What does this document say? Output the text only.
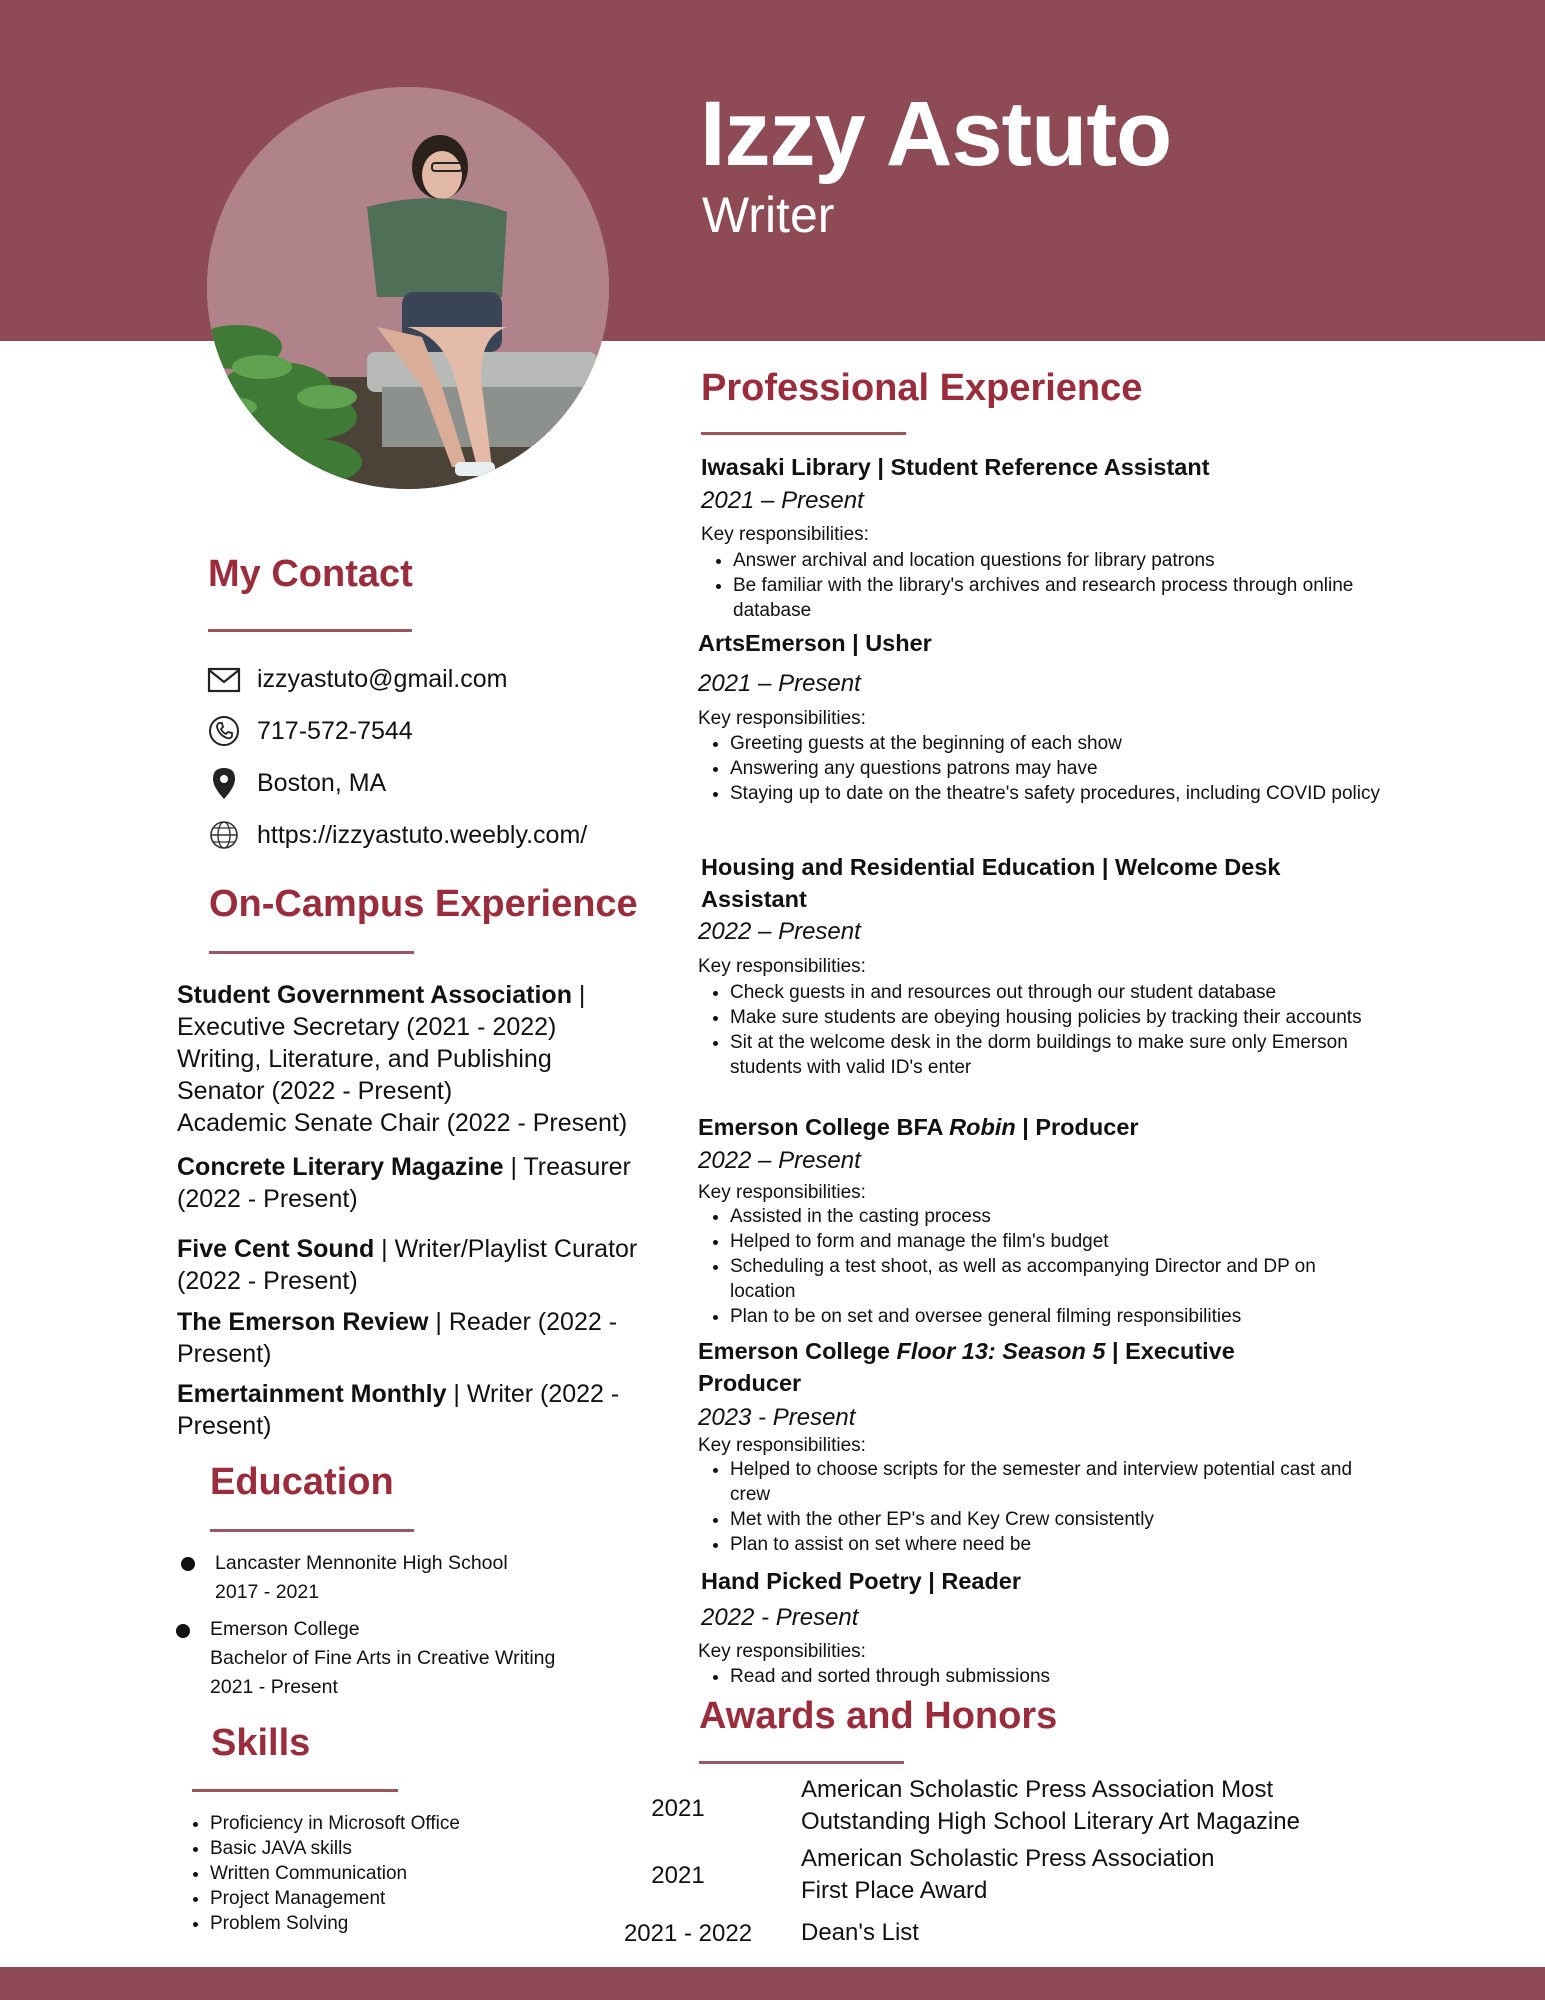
Izzy Astuto
Writer
My Contact
izzyastuto@gmail.com
717-572-7544
Boston, MA
https://izzyastuto.weebly.com/
On-Campus Experience
Student Government Association |
Executive Secretary (2021 - 2022)
Writing, Literature, and Publishing
Senator (2022 - Present)
Academic Senate Chair (2022 - Present)
Concrete Literary Magazine | Treasurer (2022 - Present)
Five Cent Sound | Writer/Playlist Curator (2022 - Present)
The Emerson Review | Reader (2022 - Present)
Emertainment Monthly | Writer (2022 - Present)
Education
Lancaster Mennonite High School
2017 - 2021
Emerson College
Bachelor of Fine Arts in Creative Writing
2021 - Present
Skills
• Proficiency in Microsoft Office
• Basic JAVA skills
• Written Communication
• Project Management
• Problem Solving
Professional Experience
Iwasaki Library | Student Reference Assistant
2021 – Present
Key responsibilities:
• Answer archival and location questions for library patrons
• Be familiar with the library's archives and research process through online database
ArtsEmerson | Usher
2021 – Present
Key responsibilities:
• Greeting guests at the beginning of each show
• Answering any questions patrons may have
• Staying up to date on the theatre's safety procedures, including COVID policy
Housing and Residential Education | Welcome Desk Assistant
2022 – Present
Key responsibilities:
• Check guests in and resources out through our student database
• Make sure students are obeying housing policies by tracking their accounts
• Sit at the welcome desk in the dorm buildings to make sure only Emerson students with valid ID's enter
Emerson College BFA Robin | Producer
2022 – Present
Key responsibilities:
• Assisted in the casting process
• Helped to form and manage the film's budget
• Scheduling a test shoot, as well as accompanying Director and DP on location
• Plan to be on set and oversee general filming responsibilities
Emerson College Floor 13: Season 5 | Executive Producer
2023 - Present
Key responsibilities:
• Helped to choose scripts for the semester and interview potential cast and crew
• Met with the other EP's and Key Crew consistently
• Plan to assist on set where need be
Hand Picked Poetry | Reader
2022 - Present
Key responsibilities:
• Read and sorted through submissions
Awards and Honors
2021
American Scholastic Press Association Most
Outstanding High School Literary Art Magazine
2021
American Scholastic Press Association
First Place Award
2021 - 2022	Dean's List
